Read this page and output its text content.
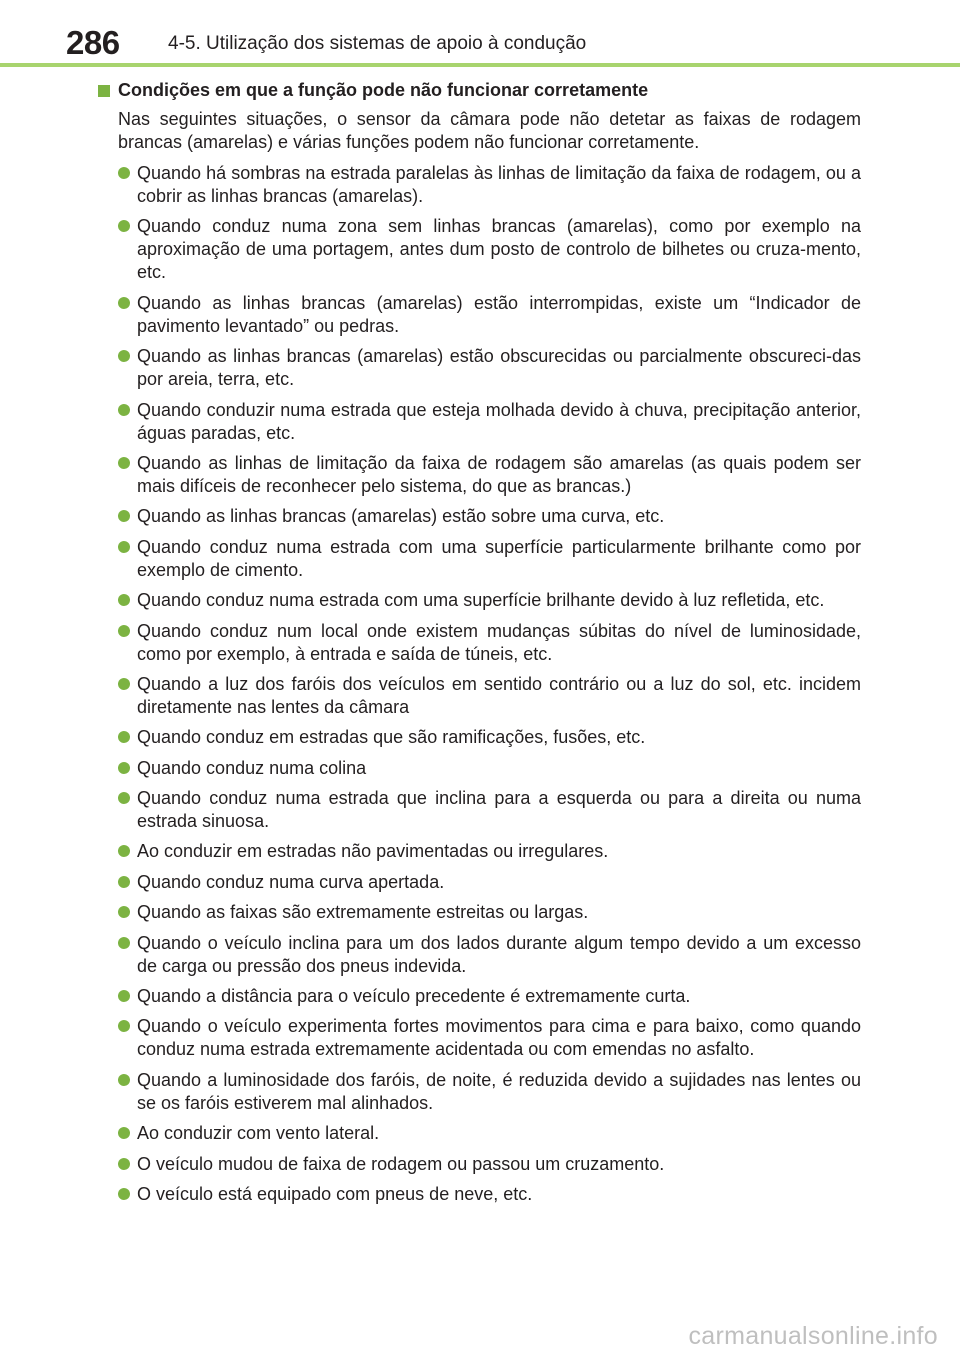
286	4-5. Utilização dos sistemas de apoio à condução
Condições em que a função pode não funcionar corretamente
Nas seguintes situações, o sensor da câmara pode não detetar as faixas de rodagem brancas (amarelas) e várias funções podem não funcionar corretamente.
Quando há sombras na estrada paralelas às linhas de limitação da faixa de rodagem, ou a cobrir as linhas brancas (amarelas).
Quando conduz numa zona sem linhas brancas (amarelas), como por exemplo na aproximação de uma portagem, antes dum posto de controlo de bilhetes ou cruza-mento, etc.
Quando as linhas brancas (amarelas) estão interrompidas, existe um “Indicador de pavimento levantado” ou pedras.
Quando as linhas brancas (amarelas) estão obscurecidas ou parcialmente obscureci-das por areia, terra, etc.
Quando conduzir numa estrada que esteja molhada devido à chuva, precipitação anterior, águas paradas, etc.
Quando as linhas de limitação da faixa de rodagem são amarelas (as quais podem ser mais difíceis de reconhecer pelo sistema, do que as brancas.)
Quando as linhas brancas (amarelas) estão sobre uma curva, etc.
Quando conduz numa estrada com uma superfície particularmente brilhante como por exemplo de cimento.
Quando conduz numa estrada com uma superfície brilhante devido à luz refletida, etc.
Quando conduz num local onde existem mudanças súbitas do nível de luminosidade, como por exemplo, à entrada e saída de túneis, etc.
Quando a luz dos faróis dos veículos em sentido contrário ou a luz do sol, etc. incidem diretamente nas lentes da câmara
Quando conduz em estradas que são ramificações, fusões, etc.
Quando conduz numa colina
Quando conduz numa estrada que inclina para a esquerda ou para a direita ou numa estrada sinuosa.
Ao conduzir em estradas não pavimentadas ou irregulares.
Quando conduz numa curva apertada.
Quando as faixas são extremamente estreitas ou largas.
Quando o veículo inclina para um dos lados durante algum tempo devido a um excesso de carga ou pressão dos pneus indevida.
Quando a distância para o veículo precedente é extremamente curta.
Quando o veículo experimenta fortes movimentos para cima e para baixo, como quando conduz numa estrada extremamente acidentada ou com emendas no asfalto.
Quando a luminosidade dos faróis, de noite, é reduzida devido a sujidades nas lentes ou se os faróis estiverem mal alinhados.
Ao conduzir com vento lateral.
O veículo mudou de faixa de rodagem ou passou um cruzamento.
O veículo está equipado com pneus de neve, etc.
carmanualsonline.info
